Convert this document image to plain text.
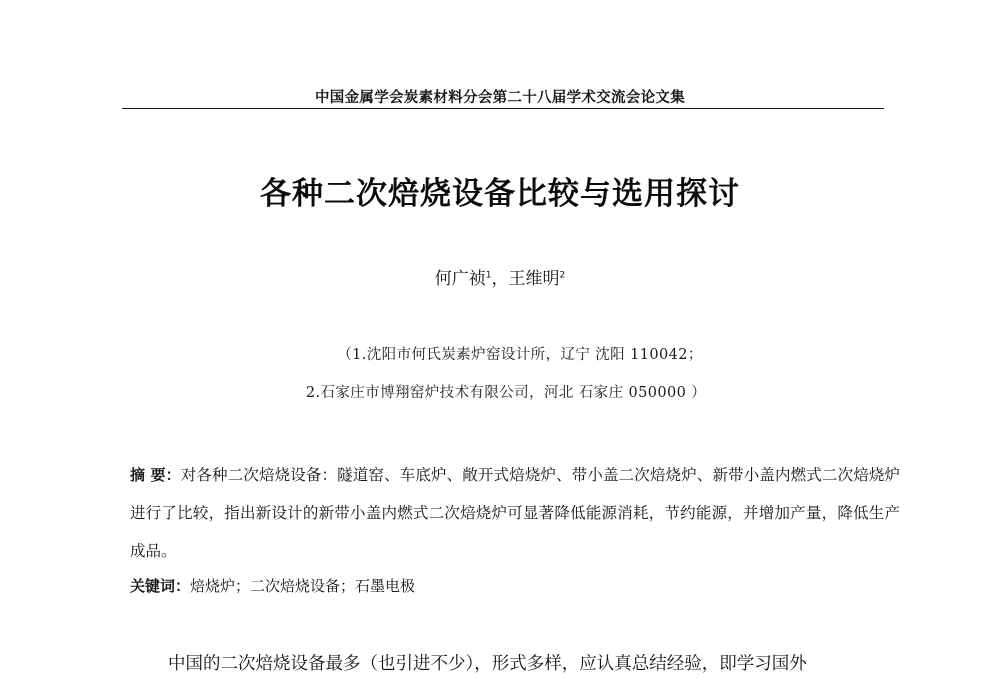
中国金属学会炭素材料分会第二十八届学术交流会论文集
各种二次焙烧设备比较与选用探讨
何广祯$^1$，王维明$^2$
（1.沈阳市何氏炭素炉窑设计所，辽宁 沈阳 110042；
2.石家庄市博翔窑炉技术有限公司，河北 石家庄 050000 ）
摘 要：对各种二次焙烧设备：隧道窑、车底炉、敞开式焙烧炉、带小盖二次焙烧炉、新带小盖内燃式二次焙烧炉进行了比较，指出新设计的新带小盖内燃式二次焙烧炉可显著降低能源消耗，节约能源，并增加产量，降低生产成品。
关键词：焙烧炉；二次焙烧设备；石墨电极
中国的二次焙烧设备最多（也引进不少），形式多样，应认真总结经验，即学习国外
